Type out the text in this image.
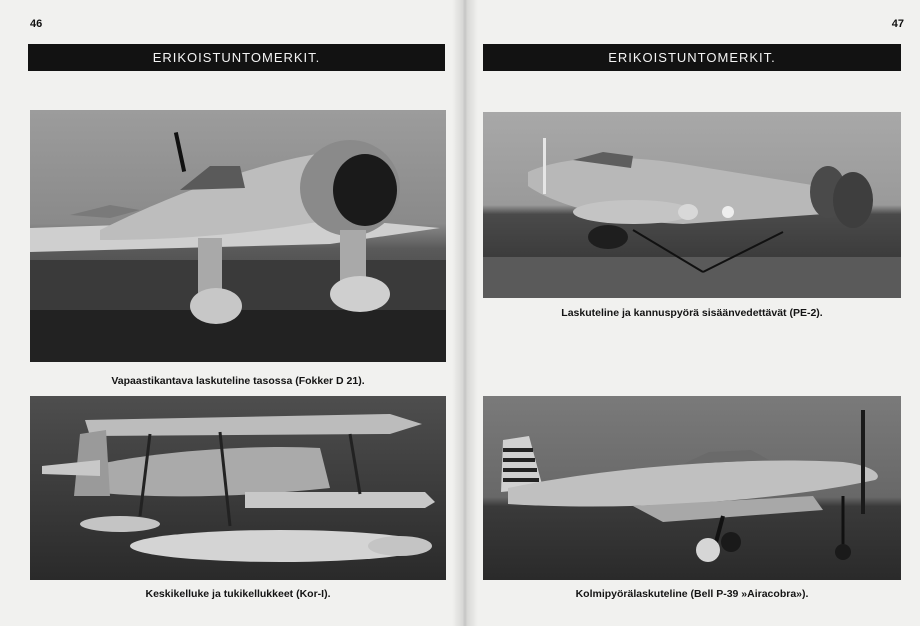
46
ERIKOISTUNTOMERKIT.
Vapaastikantava laskuteline tasossa (Fokker D 21).
Keskikelluke ja tukikellukkeet (Kor-I).
47
ERIKOISTUNTOMERKIT.
Laskuteline ja kannuspyörä sisäänvedettävät (PE-2).
Kolmipyörälaskuteline (Bell P-39 »Airacobra»).
